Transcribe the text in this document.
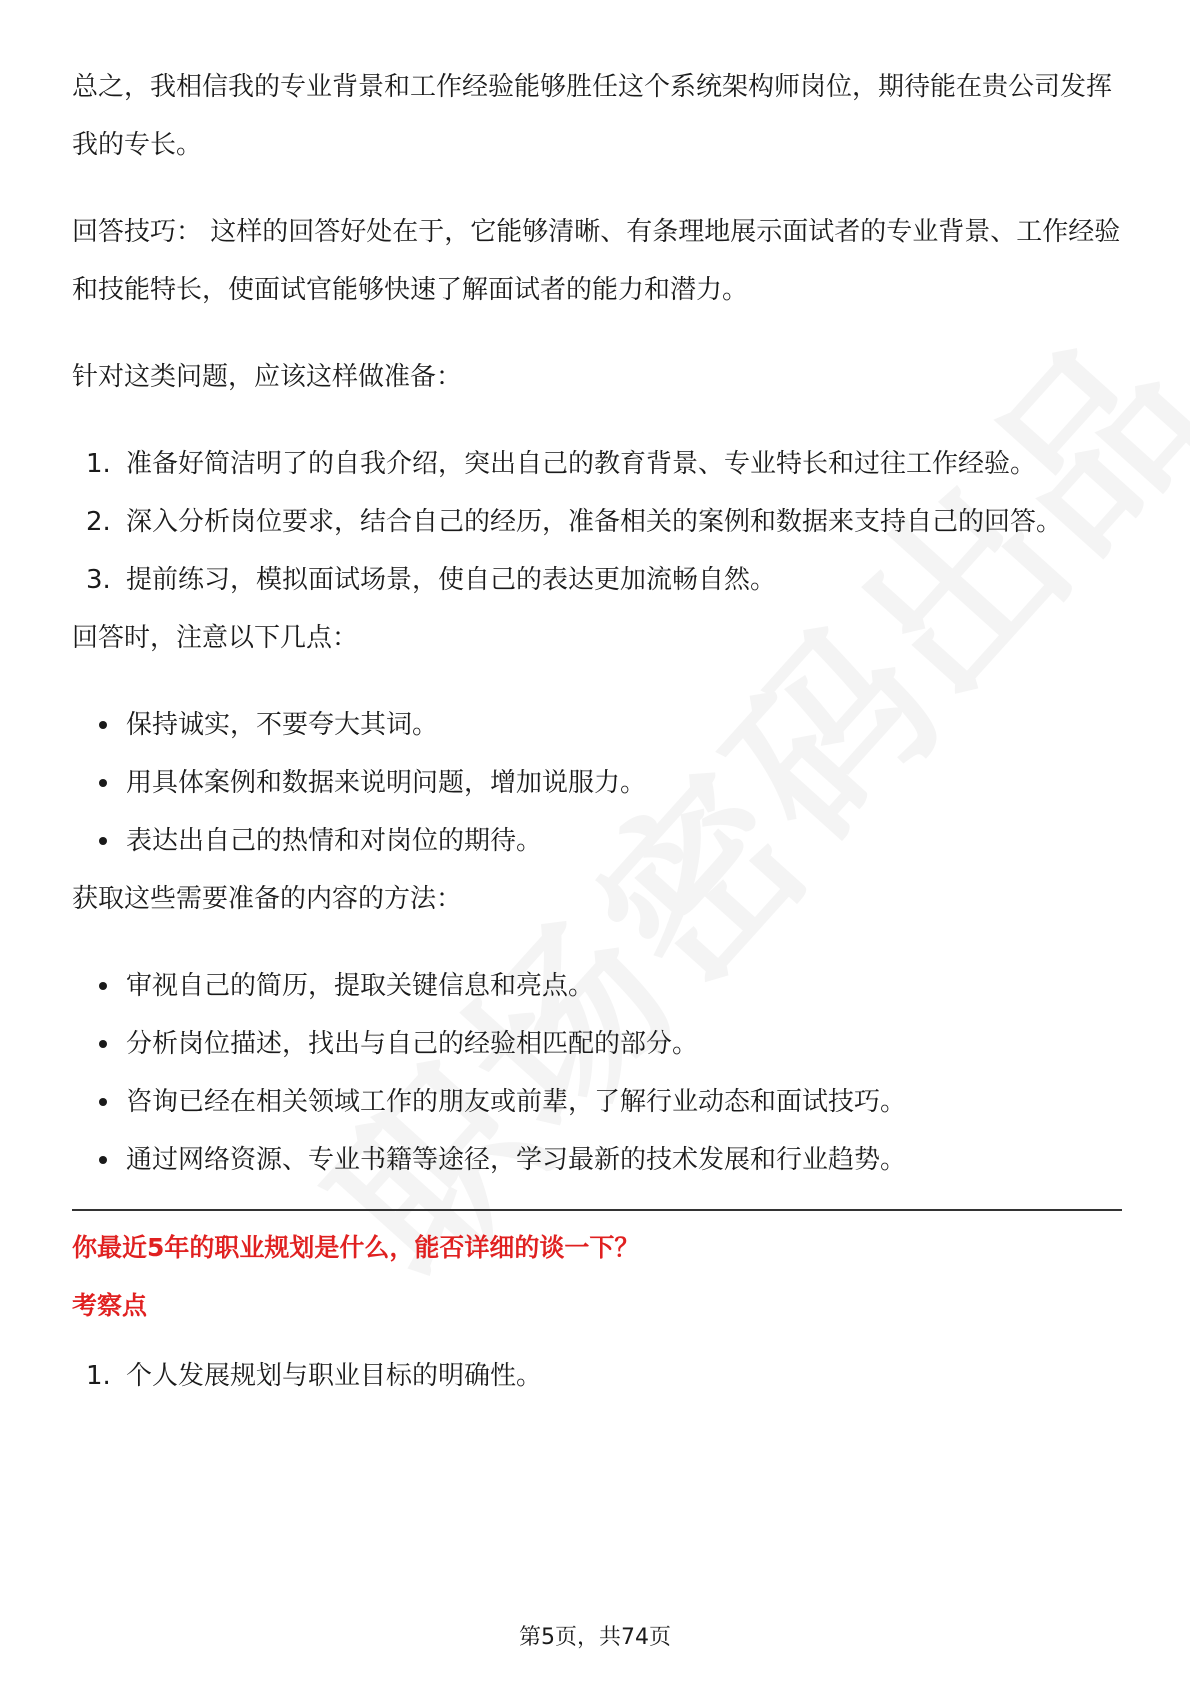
总之，我相信我的专业背景和工作经验能够胜任这个系统架构师岗位，期待能在贵公司发挥我的专长。

回答技巧： 这样的回答好处在于，它能够清晰、有条理地展示面试者的专业背景、工作经验和技能特长，使面试官能够快速了解面试者的能力和潜力。

针对这类问题，应该这样做准备：

1. 准备好简洁明了的自我介绍，突出自己的教育背景、专业特长和过往工作经验。
2. 深入分析岗位要求，结合自己的经历，准备相关的案例和数据来支持自己的回答。
3. 提前练习，模拟面试场景，使自己的表达更加流畅自然。

回答时，注意以下几点：

保持诚实，不要夸大其词。
用具体案例和数据来说明问题，增加说服力。
表达出自己的热情和对岗位的期待。

获取这些需要准备的内容的方法：

审视自己的简历，提取关键信息和亮点。
分析岗位描述，找出与自己的经验相匹配的部分。
咨询已经在相关领域工作的朋友或前辈，了解行业动态和面试技巧。
通过网络资源、专业书籍等途径，学习最新的技术发展和行业趋势。

你最近5年的职业规划是什么，能否详细的谈一下？

考察点

1. 个人发展规划与职业目标的明确性。
第5页，共74页
